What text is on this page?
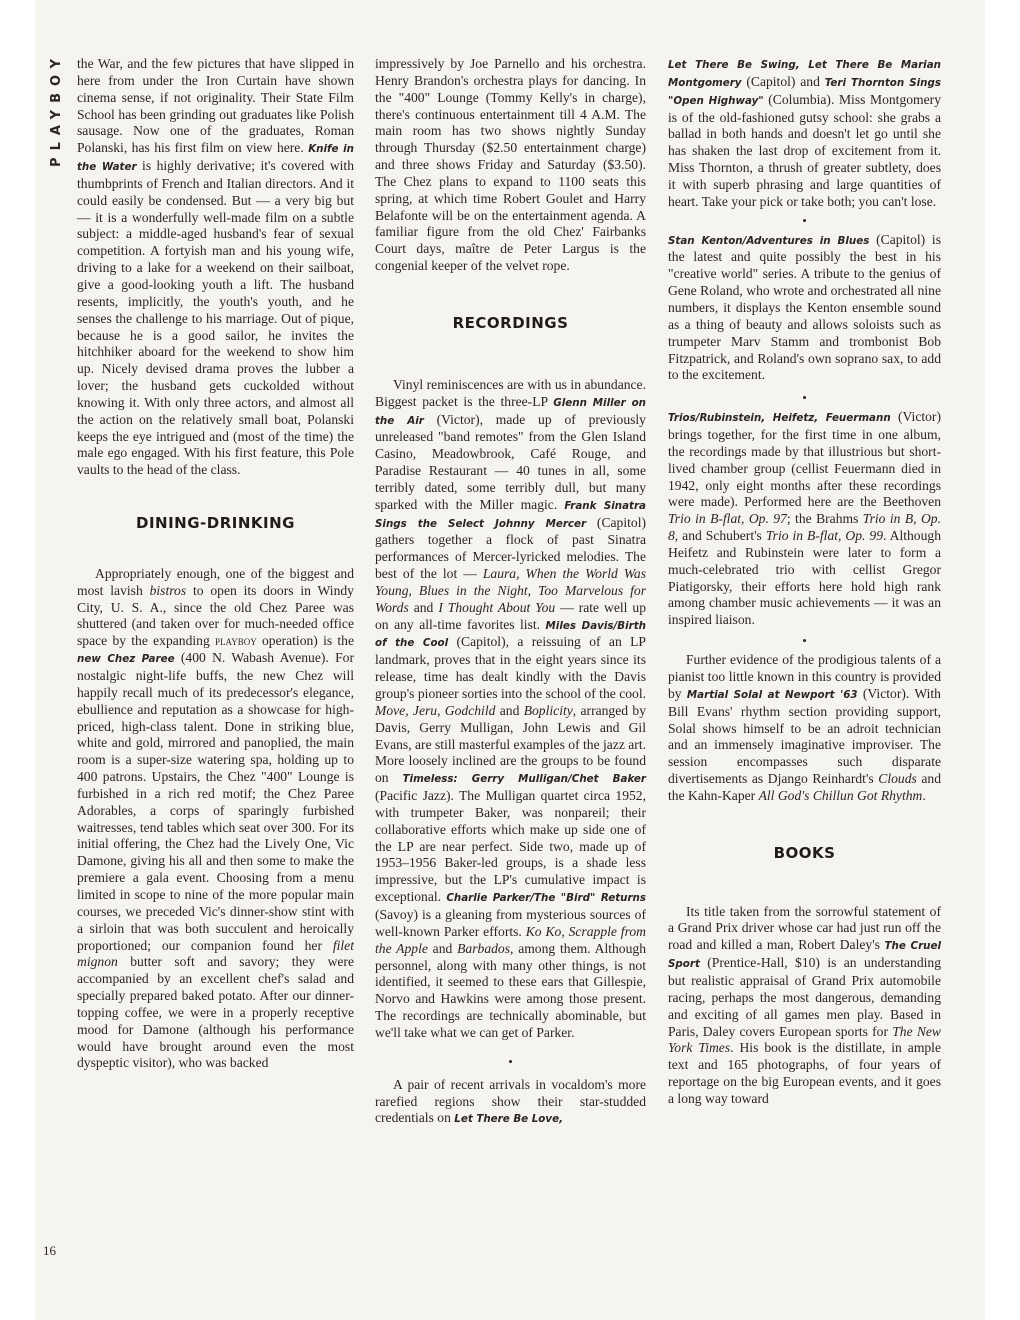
PLAYBOY
16

the War, and the few pictures that have slipped in here from under the Iron Curtain have shown cinema sense, if not originality. Their State Film School has been grinding out graduates like Polish sausage. Now one of the graduates, Roman Polanski, has his first film on view here. Knife in the Water is highly derivative; it's covered with thumbprints of French and Italian directors. And it could easily be condensed. But — a very big but — it is a wonderfully well-made film on a subtle subject: a middle-aged husband's fear of sexual competition. A fortyish man and his young wife, driving to a lake for a weekend on their sailboat, give a good-looking youth a lift. The husband resents, implicitly, the youth's youth, and he senses the challenge to his marriage. Out of pique, because he is a good sailor, he invites the hitchhiker aboard for the weekend to show him up. Nicely devised drama proves the lubber a lover; the husband gets cuckolded without knowing it. With only three actors, and almost all the action on the relatively small boat, Polanski keeps the eye intrigued and (most of the time) the male ego engaged. With his first feature, this Pole vaults to the head of the class.

DINING-DRINKING

Appropriately enough, one of the biggest and most lavish bistros to open its doors in Windy City, U. S. A., since the old Chez Paree was shuttered (and taken over for much-needed office space by the expanding playboy operation) is the new Chez Paree (400 N. Wabash Avenue). For nostalgic night-life buffs, the new Chez will happily recall much of its predecessor's elegance, ebullience and reputation as a showcase for high-priced, high-class talent. Done in striking blue, white and gold, mirrored and panoplied, the main room is a super-size watering spa, holding up to 400 patrons. Upstairs, the Chez "400" Lounge is furbished in a rich red motif; the Chez Paree Adorables, a corps of sparingly furbished waitresses, tend tables which seat over 300. For its initial offering, the Chez had the Lively One, Vic Damone, giving his all and then some to make the premiere a gala event. Choosing from a menu limited in scope to nine of the more popular main courses, we preceded Vic's dinner-show stint with a sirloin that was both succulent and heroically proportioned; our companion found her filet mignon butter soft and savory; they were accompanied by an excellent chef's salad and specially prepared baked potato. After our dinner-topping coffee, we were in a properly receptive mood for Damone (although his performance would have brought around even the most dyspeptic visitor), who was backed

impressively by Joe Parnello and his orchestra. Henry Brandon's orchestra plays for dancing. In the "400" Lounge (Tommy Kelly's in charge), there's continuous entertainment till 4 A.M. The main room has two shows nightly Sunday through Thursday ($2.50 entertainment charge) and three shows Friday and Saturday ($3.50). The Chez plans to expand to 1100 seats this spring, at which time Robert Goulet and Harry Belafonte will be on the entertainment agenda. A familiar figure from the old Chez' Fairbanks Court days, maître de Peter Largus is the congenial keeper of the velvet rope.

RECORDINGS

Vinyl reminiscences are with us in abundance. Biggest packet is the three-LP Glenn Miller on the Air (Victor), made up of previously unreleased "band remotes" from the Glen Island Casino, Meadowbrook, Café Rouge, and Paradise Restaurant — 40 tunes in all, some terribly dated, some terribly dull, but many sparked with the Miller magic. Frank Sinatra Sings the Select Johnny Mercer (Capitol) gathers together a flock of past Sinatra performances of Mercer-lyricked melodies. The best of the lot — Laura, When the World Was Young, Blues in the Night, Too Marvelous for Words and I Thought About You — rate well up on any all-time favorites list. Miles Davis/Birth of the Cool (Capitol), a reissuing of an LP landmark, proves that in the eight years since its release, time has dealt kindly with the Davis group's pioneer sorties into the school of the cool. Move, Jeru, Godchild and Boplicity, arranged by Davis, Gerry Mulligan, John Lewis and Gil Evans, are still masterful examples of the jazz art. More loosely inclined are the groups to be found on Timeless: Gerry Mulligan/Chet Baker (Pacific Jazz). The Mulligan quartet circa 1952, with trumpeter Baker, was nonpareil; their collaborative efforts which make up side one of the LP are near perfect. Side two, made up of 1953–1956 Baker-led groups, is a shade less impressive, but the LP's cumulative impact is exceptional. Charlie Parker/The "Bird" Returns (Savoy) is a gleaning from mysterious sources of well-known Parker efforts. Ko Ko, Scrapple from the Apple and Barbados, among them. Although personnel, along with many other things, is not identified, it seemed to these ears that Gillespie, Norvo and Hawkins were among those present. The recordings are technically abominable, but we'll take what we can get of Parker.

•

A pair of recent arrivals in vocaldom's more rarefied regions show their star-studded credentials on Let There Be Love,

Let There Be Swing, Let There Be Marian Montgomery (Capitol) and Teri Thornton Sings "Open Highway" (Columbia). Miss Montgomery is of the old-fashioned gutsy school: she grabs a ballad in both hands and doesn't let go until she has shaken the last drop of excitement from it. Miss Thornton, a thrush of greater subtlety, does it with superb phrasing and large quantities of heart. Take your pick or take both; you can't lose.

•

Stan Kenton/Adventures in Blues (Capitol) is the latest and quite possibly the best in his "creative world" series. A tribute to the genius of Gene Roland, who wrote and orchestrated all nine numbers, it displays the Kenton ensemble sound as a thing of beauty and allows soloists such as trumpeter Marv Stamm and trombonist Bob Fitzpatrick, and Roland's own soprano sax, to add to the excitement.

•

Trios/Rubinstein, Heifetz, Feuermann (Victor) brings together, for the first time in one album, the recordings made by that illustrious but short-lived chamber group (cellist Feuermann died in 1942, only eight months after these recordings were made). Performed here are the Beethoven Trio in B-flat, Op. 97; the Brahms Trio in B, Op. 8, and Schubert's Trio in B-flat, Op. 99. Although Heifetz and Rubinstein were later to form a much-celebrated trio with cellist Gregor Piatigorsky, their efforts here hold high rank among chamber music achievements — it was an inspired liaison.

•

Further evidence of the prodigious talents of a pianist too little known in this country is provided by Martial Solal at Newport '63 (Victor). With Bill Evans' rhythm section providing support, Solal shows himself to be an adroit technician and an immensely imaginative improviser. The session encompasses such disparate divertisements as Django Reinhardt's Clouds and the Kahn-Kaper All God's Chillun Got Rhythm.

BOOKS

Its title taken from the sorrowful statement of a Grand Prix driver whose car had just run off the road and killed a man, Robert Daley's The Cruel Sport (Prentice-Hall, $10) is an understanding but realistic appraisal of Grand Prix automobile racing, perhaps the most dangerous, demanding and exciting of all games men play. Based in Paris, Daley covers European sports for The New York Times. His book is the distillate, in ample text and 165 photographs, of four years of reportage on the big European events, and it goes a long way toward
